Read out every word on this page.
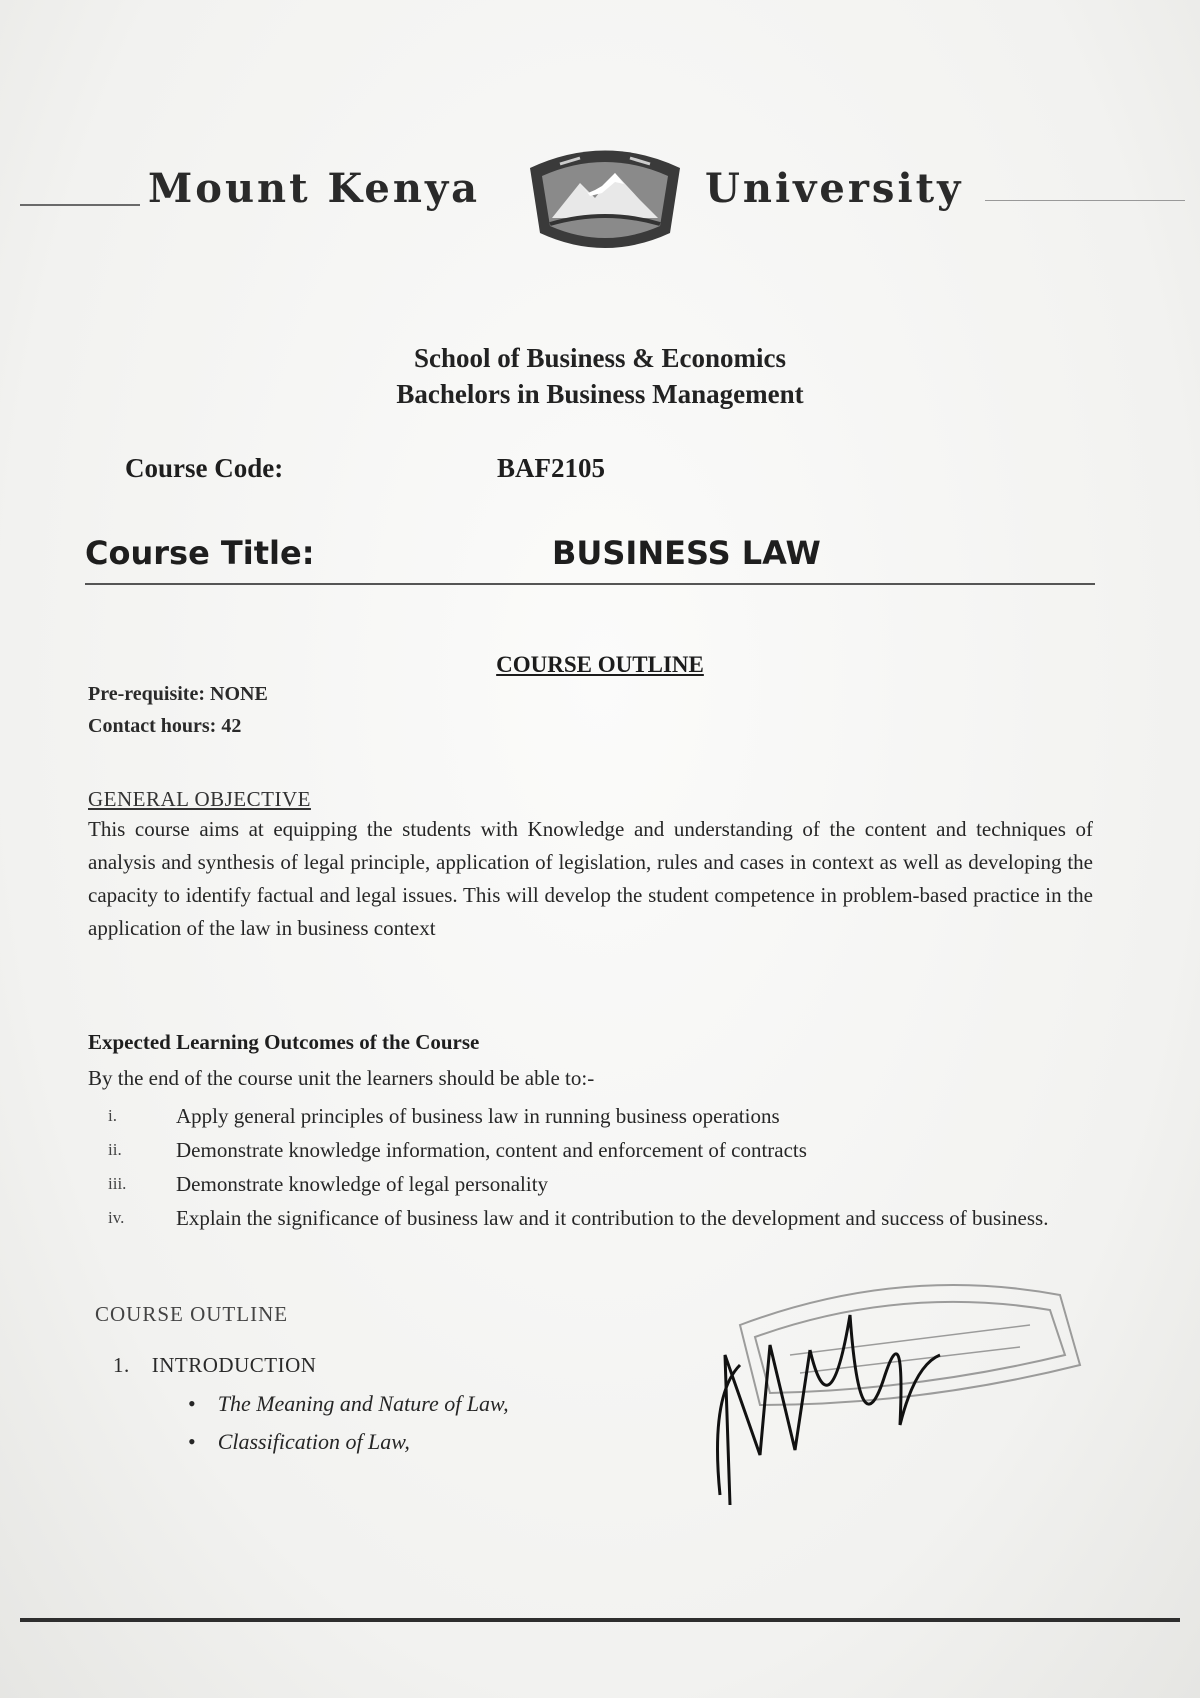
Mount Kenya	University
School of Business & Economics
Bachelors in Business Management
Course Code:	BAF2105
Course Title:	BUSINESS LAW
COURSE OUTLINE
Pre-requisite: NONE
Contact hours: 42
GENERAL OBJECTIVE
This course aims at equipping the students with Knowledge and understanding of the content and techniques of analysis and synthesis of legal principle, application of legislation, rules and cases in context as well as developing the capacity to identify factual and legal issues. This will develop the student competence in problem-based practice in the application of the law in business context
Expected Learning Outcomes of the Course
By the end of the course unit the learners should be able to:-
i.	Apply general principles of business law in running business operations
ii.	Demonstrate knowledge information, content and enforcement of contracts
iii. Demonstrate knowledge of legal personality
iv. Explain the significance of business law and it contribution to the development and success of business.
COURSE OUTLINE
1. INTRODUCTION
• The Meaning and Nature of Law,
• Classification of Law,
